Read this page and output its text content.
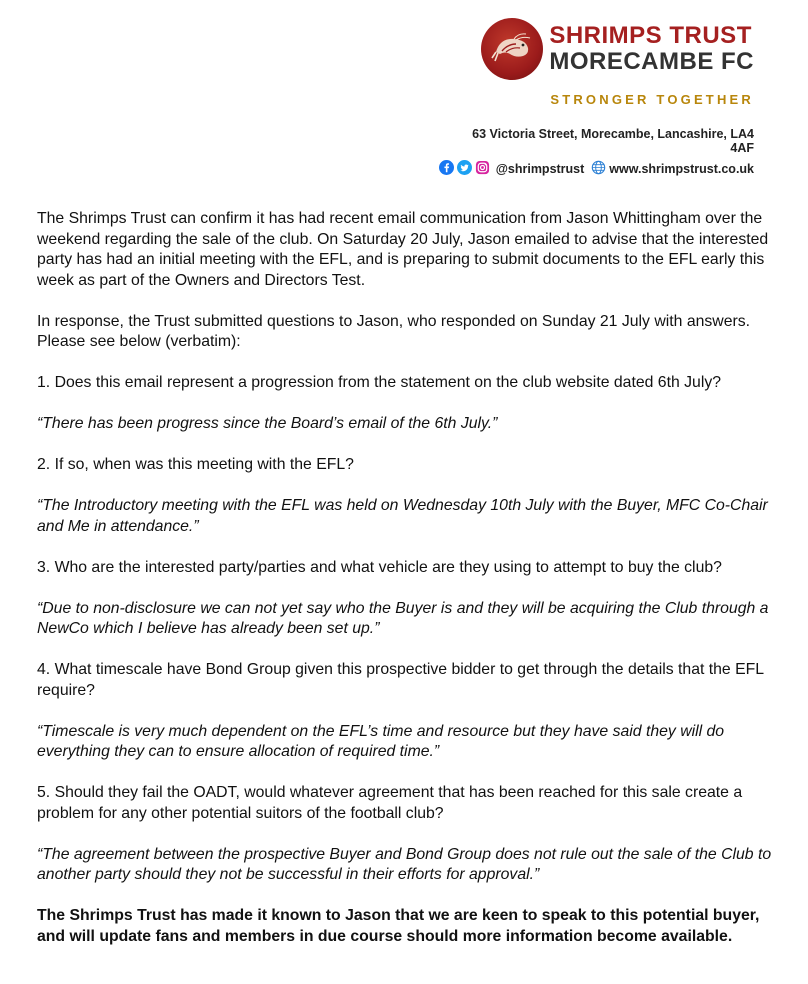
SHRIMPS TRUST
MORECAMBE FC
STRONGER TOGETHER
63 Victoria Street, Morecambe, Lancashire, LA4 4AF
@shrimpstrust www.shrimpstrust.co.uk

The Shrimps Trust can confirm it has had recent email communication from Jason Whittingham over the weekend regarding the sale of the club. On Saturday 20 July, Jason emailed to advise that the interested party has had an initial meeting with the EFL, and is preparing to submit documents to the EFL early this week as part of the Owners and Directors Test.

In response, the Trust submitted questions to Jason, who responded on Sunday 21 July with answers. Please see below (verbatim):

1. Does this email represent a progression from the statement on the club website dated 6th July?

“There has been progress since the Board’s email of the 6th July.”

2. If so, when was this meeting with the EFL?

“The Introductory meeting with the EFL was held on Wednesday 10th July with the Buyer, MFC Co-Chair and Me in attendance.”

3. Who are the interested party/parties and what vehicle are they using to attempt to buy the club?

“Due to non-disclosure we can not yet say who the Buyer is and they will be acquiring the Club through a NewCo which I believe has already been set up.”

4. What timescale have Bond Group given this prospective bidder to get through the details that the EFL require?

“Timescale is very much dependent on the EFL’s time and resource but they have said they will do everything they can to ensure allocation of required time.”

5. Should they fail the OADT, would whatever agreement that has been reached for this sale create a problem for any other potential suitors of the football club?

“The agreement between the prospective Buyer and Bond Group does not rule out the sale of the Club to another party should they not be successful in their efforts for approval.”

The Shrimps Trust has made it known to Jason that we are keen to speak to this potential buyer, and will update fans and members in due course should more information become available.
